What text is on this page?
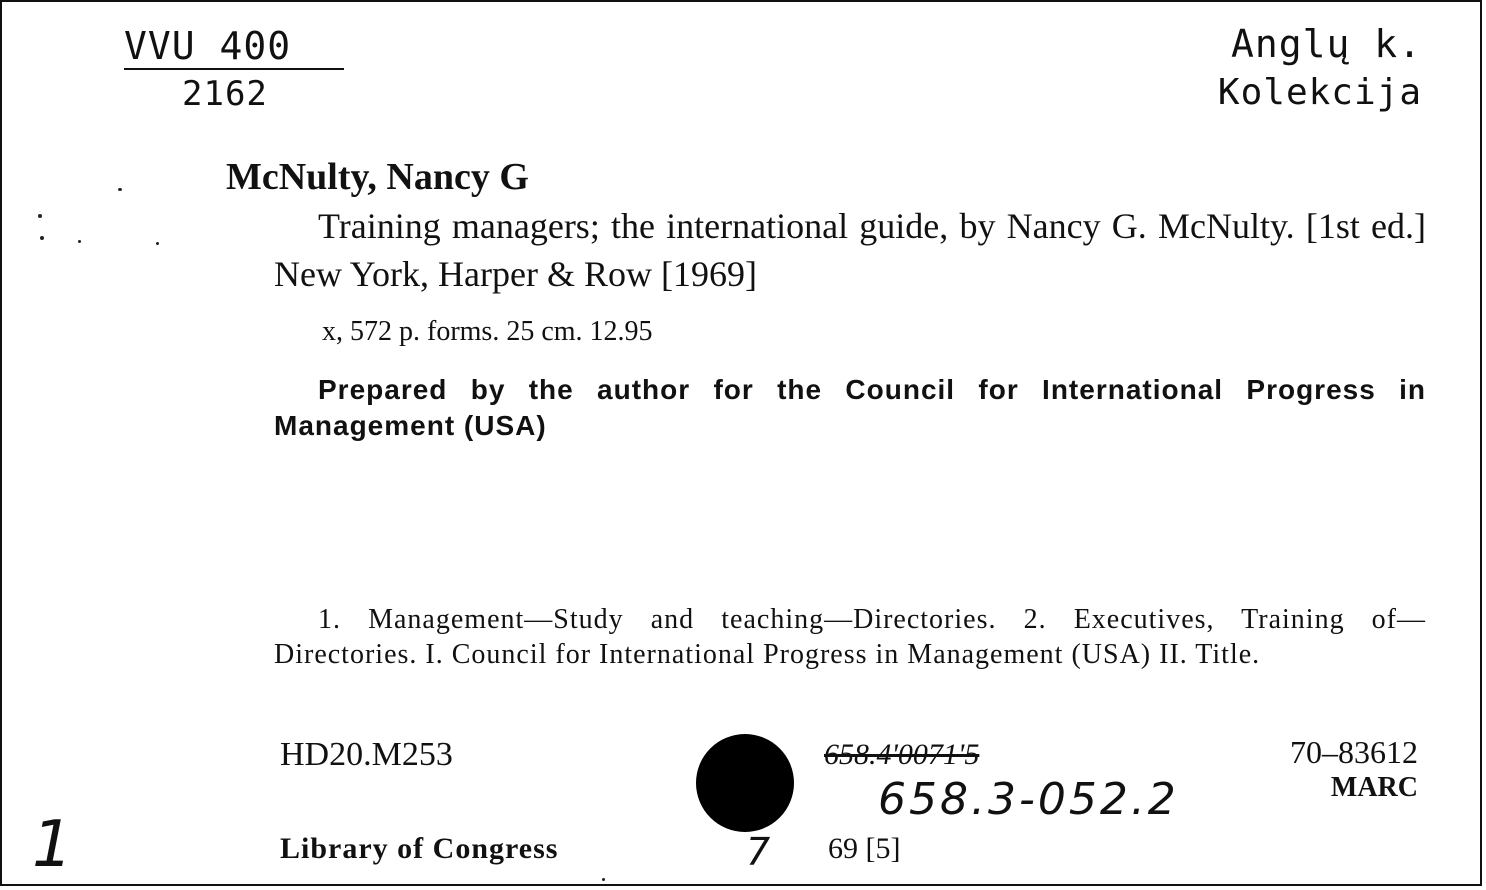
VVU 400
2162
Anglų k.
Kolekcija
McNulty, Nancy G
Training managers; the international guide, by Nancy G. McNulty. [1st ed.] New York, Harper & Row [1969]
x, 572 p. forms. 25 cm. 12.95
Prepared by the author for the Council for International Progress in Management (USA)
1. Management—Study and teaching—Directories. 2. Executives, Training of—Directories. I. Council for International Progress in Management (USA) II. Title.
HD20.M253	658.4'0071'5
658.3-052.2
70–83612
MARC
1	Library of Congress	7 69 [5]
